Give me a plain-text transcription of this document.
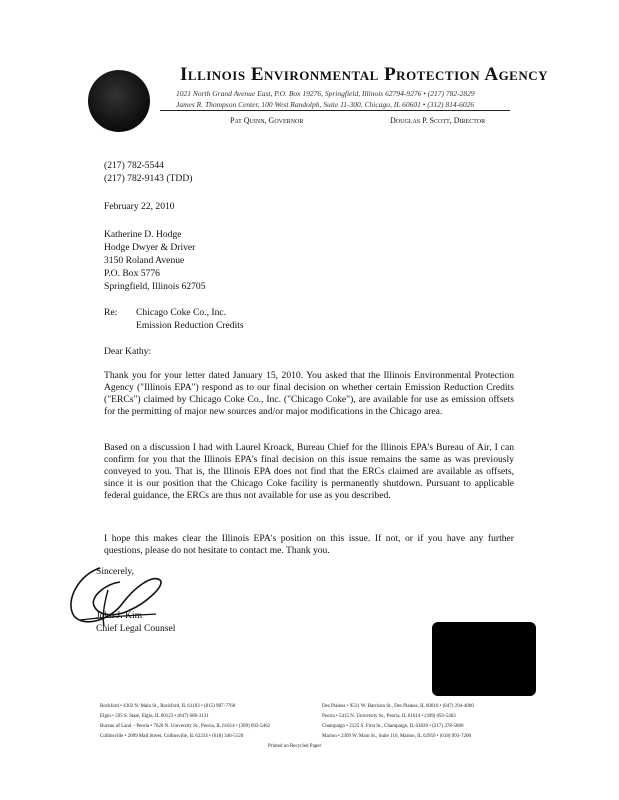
Illinois Environmental Protection Agency
1021 North Grand Avenue East, P.O. Box 19276, Springfield, Illinois 62794-9276 • (217) 782-2829
James R. Thompson Center, 100 West Randolph, Suite 11-300, Chicago, IL 60601 • (312) 814-6026
Pat Quinn, Governor	Douglas P. Scott, Director
(217) 782-5544
(217) 782-9143 (TDD)
February 22, 2010
Katherine D. Hodge
Hodge Dwyer & Driver
3150 Roland Avenue
P.O. Box 5776
Springfield, Illinois 62705
Re: Chicago Coke Co., Inc.
Emission Reduction Credits
Dear Kathy:
Thank you for your letter dated January 15, 2010. You asked that the Illinois Environmental Protection Agency ("Illinois EPA") respond as to our final decision on whether certain Emission Reduction Credits ("ERCs") claimed by Chicago Coke Co., Inc. ("Chicago Coke"), are available for use as emission offsets for the permitting of major new sources and/or major modifications in the Chicago area.
Based on a discussion I had with Laurel Kroack, Bureau Chief for the Illinois EPA's Bureau of Air, I can confirm for you that the Illinois EPA's final decision on this issue remains the same as was previously conveyed to you. That is, the Illinois EPA does not find that the ERCs claimed are available as offsets, since it is our position that the Chicago Coke facility is permanently shutdown. Pursuant to applicable federal guidance, the ERCs are thus not available for use as you described.
I hope this makes clear the Illinois EPA's position on this issue. If not, or if you have any further questions, please do not hesitate to contact me. Thank you.
Sincerely,
John J. Kim
Chief Legal Counsel
Rockford • 4302 N. Main St., Rockford, IL 61103 • (815) 987-7760
Elgin • 595 S. State, Elgin, IL 60123 • (847) 608-3131
Bureau of Land – Peoria • 7620 N. University St., Peoria, IL 61614 • (309) 693-5462
Collinsville • 2009 Mall Street, Collinsville, IL 62234 • (618) 346-5120
Des Plaines • 9511 W. Harrison St., Des Plaines, IL 60016 • (847) 294-4000
Peoria • 5415 N. University St., Peoria, IL 61614 • (309) 693-5463
Champaign • 2125 S. First St., Champaign, IL 61820 • (217) 278-5800
Marion • 2309 W. Main St., Suite 116, Marion, IL 62959 • (618) 993-7200
Printed on Recycled Paper
